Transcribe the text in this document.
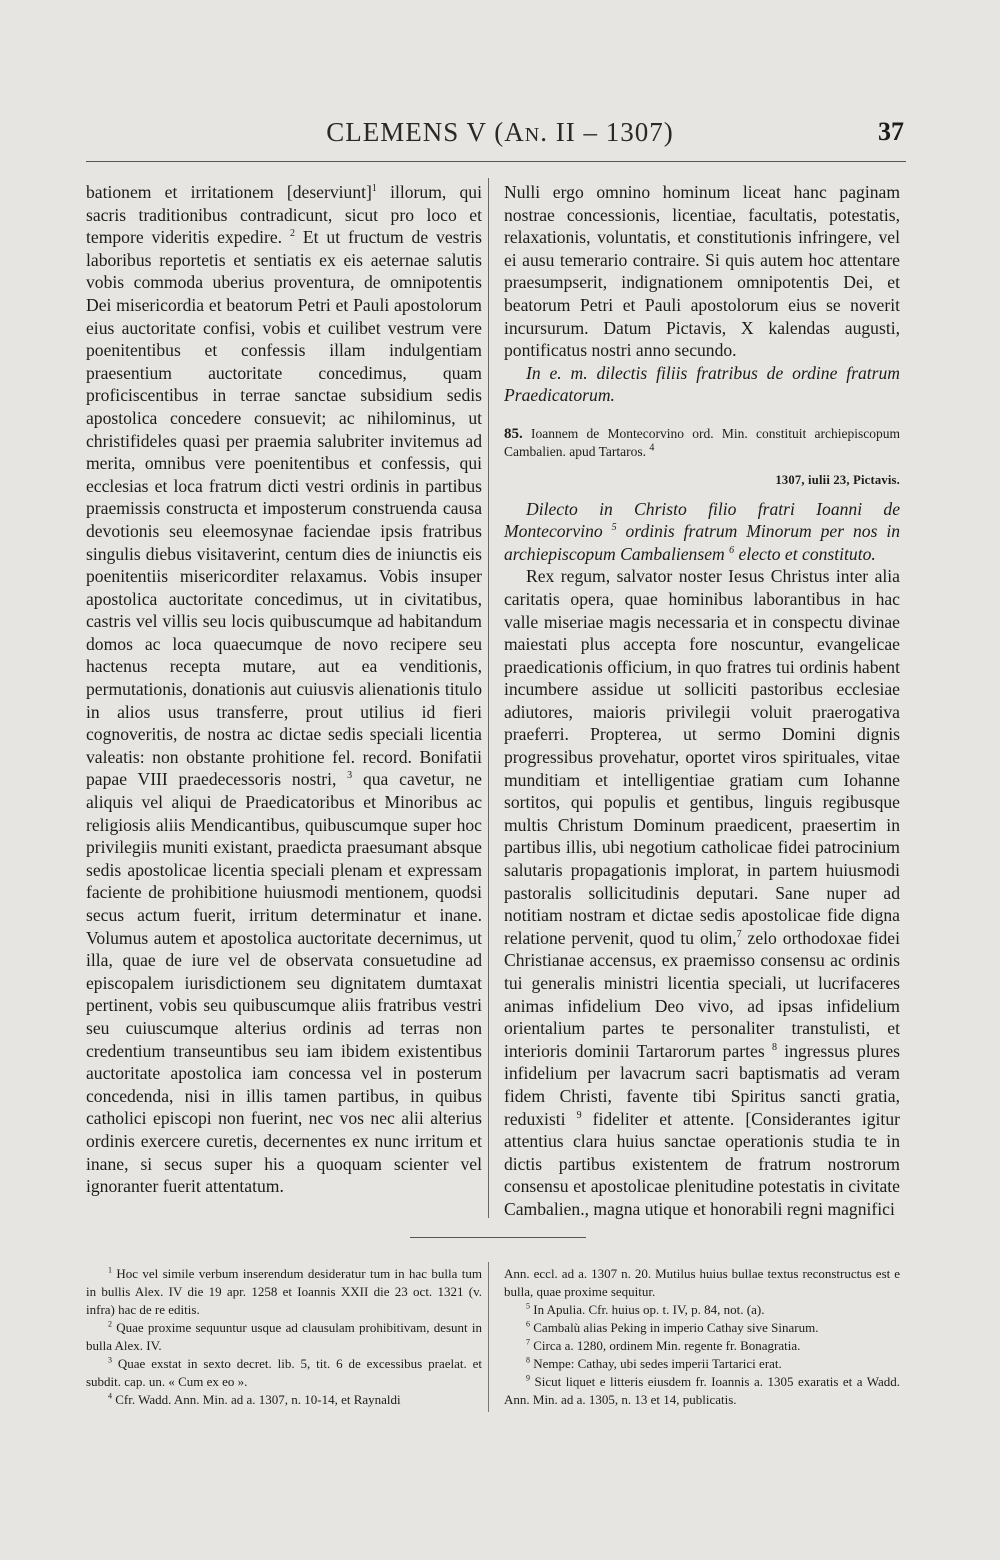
CLEMENS V (AN. II – 1307)	37

bationem et irritationem [deserviunt]$^1$ illorum, qui sacris traditionibus contradicunt, sicut pro loco et tempore videritis expedire. $^2$ Et ut fructum de vestris laboribus reportetis et sentiatis ex eis aeternae salutis vobis commoda uberius proventura, de omnipotentis Dei misericordia et beatorum Petri et Pauli apostolorum eius auctoritate confisi, vobis et cuilibet vestrum vere poenitentibus et confessis illam indulgentiam praesentium auctoritate concedimus, quam proficiscentibus in terrae sanctae subsidium sedis apostolica concedere consuevit; ac nihilominus, ut christifideles quasi per praemia salubriter invitemus ad merita, omnibus vere poenitentibus et confessis, qui ecclesias et loca fratrum dicti vestri ordinis in partibus praemissis constructa et imposterum construenda causa devotionis seu eleemosynae faciendae ipsis fratribus singulis diebus visitaverint, centum dies de iniunctis eis poenitentiis misericorditer relaxamus. Vobis insuper apostolica auctoritate concedimus, ut in civitatibus, castris vel villis seu locis quibuscumque ad habitandum domos ac loca quaecumque de novo recipere seu hactenus recepta mutare, aut ea venditionis, permutationis, donationis aut cuiusvis alienationis titulo in alios usus transferre, prout utilius id fieri cognoveritis, de nostra ac dictae sedis speciali licentia valeatis: non obstante prohitione fel. record. Bonifatii papae VIII praedecessoris nostri, $^3$ qua cavetur, ne aliquis vel aliqui de Praedicatoribus et Minoribus ac religiosis aliis Mendicantibus, quibuscumque super hoc privilegiis muniti existant, praedicta praesumant absque sedis apostolicae licentia speciali plenam et expressam faciente de prohibitione huiusmodi mentionem, quodsi secus actum fuerit, irritum determinatur et inane. Volumus autem et apostolica auctoritate decernimus, ut illa, quae de iure vel de observata consuetudine ad episcopalem iurisdictionem seu dignitatem dumtaxat pertinent, vobis seu quibuscumque aliis fratribus vestri seu cuiuscumque alterius ordinis ad terras non credentium transeuntibus seu iam ibidem existentibus auctoritate apostolica iam concessa vel in posterum concedenda, nisi in illis tamen partibus, in quibus catholici episcopi non fuerint, nec vos nec alii alterius ordinis exercere curetis, decernentes ex nunc irritum et inane, si secus super his a quoquam scienter vel ignoranter fuerit attentatum.

Nulli ergo omnino hominum liceat hanc paginam nostrae concessionis, licentiae, facultatis, potestatis, relaxationis, voluntatis, et constitutionis infringere, vel ei ausu temerario contraire. Si quis autem hoc attentare praesumpserit, indignationem omnipotentis Dei, et beatorum Petri et Pauli apostolorum eius se noverit incursurum. Datum Pictavis, X kalendas augusti, pontificatus nostri anno secundo.

In e. m. dilectis filiis fratribus de ordine fratrum Praedicatorum.

85. Ioannem de Montecorvino ord. Min. constituit archiepiscopum Cambalien. apud Tartaros. $^4$

1307, iulii 23, Pictavis.

Dilecto in Christo filio fratri Ioanni de Montecorvino $^5$ ordinis fratrum Minorum per nos in archiepiscopum Cambaliensem $^6$ electo et constituto.

Rex regum, salvator noster Iesus Christus inter alia caritatis opera, quae hominibus laborantibus in hac valle miseriae magis necessaria et in conspectu divinae maiestati plus accepta fore noscuntur, evangelicae praedicationis officium, in quo fratres tui ordinis habent incumbere assidue ut solliciti pastoribus ecclesiae adiutores, maioris privilegii voluit praerogativa praeferri. Propterea, ut sermo Domini dignis progressibus provehatur, oportet viros spirituales, vitae munditiam et intelligentiae gratiam cum Iohanne sortitos, qui populis et gentibus, linguis regibusque multis Christum Dominum praedicent, praesertim in partibus illis, ubi negotium catholicae fidei patrocinium salutaris propagationis implorat, in partem huiusmodi pastoralis sollicitudinis deputari. Sane nuper ad notitiam nostram et dictae sedis apostolicae fide digna relatione pervenit, quod tu olim,$^7$ zelo orthodoxae fidei Christianae accensus, ex praemisso consensu ac ordinis tui generalis ministri licentia speciali, ut lucrifaceres animas infidelium Deo vivo, ad ipsas infidelium orientalium partes te personaliter transtulisti, et interioris dominii Tartarorum partes $^8$ ingressus plures infidelium per lavacrum sacri baptismatis ad veram fidem Christi, favente tibi Spiritus sancti gratia, reduxisti $^9$ fideliter et attente. [Considerantes igitur attentius clara huius sanctae operationis studia te in dictis partibus existentem de fratrum nostrorum consensu et apostolicae plenitudine potestatis in civitate Cambalien., magna utique et honorabili regni magnifici

$^1$ Hoc vel simile verbum inserendum desideratur tum in hac bulla tum in bullis Alex. IV die 19 apr. 1258 et Ioannis XXII die 23 oct. 1321 (v. infra) hac de re editis.

$^2$ Quae proxime sequuntur usque ad clausulam prohibitivam, desunt in bulla Alex. IV.

$^3$ Quae exstat in sexto decret. lib. 5, tit. 6 de excessibus praelat. et subdit. cap. un. « Cum ex eo ».

$^4$ Cfr. Wadd. Ann. Min. ad a. 1307, n. 10-14, et Raynaldi

Ann. eccl. ad a. 1307 n. 20. Mutilus huius bullae textus reconstructus est e bulla, quae proxime sequitur.

$^5$ In Apulia. Cfr. huius op. t. IV, p. 84, not. (a).

$^6$ Cambalù alias Peking in imperio Cathay sive Sinarum.

$^7$ Circa a. 1280, ordinem Min. regente fr. Bonagratia.

$^8$ Nempe: Cathay, ubi sedes imperii Tartarici erat.

$^9$ Sicut liquet e litteris eiusdem fr. Ioannis a. 1305 exaratis et a Wadd. Ann. Min. ad a. 1305, n. 13 et 14, publicatis.
